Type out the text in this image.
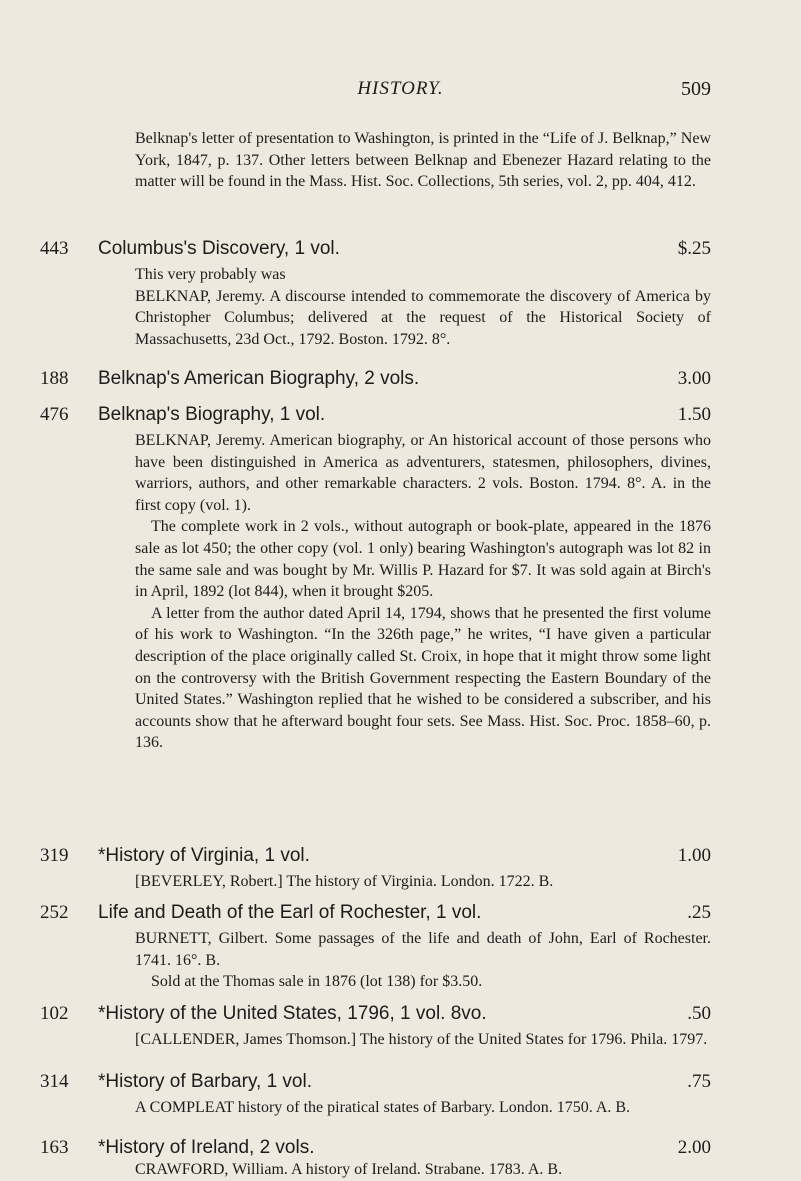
HISTORY.	509

Belknap's letter of presentation to Washington, is printed in the “Life of J. Belknap,” New York, 1847, p. 137. Other letters between Belknap and Ebenezer Hazard relating to the matter will be found in the Mass. Hist. Soc. Collections, 5th series, vol. 2, pp. 404, 412.

443 Columbus's Discovery, 1 vol.	$.25

This very probably was

BELKNAP, Jeremy. A discourse intended to commemorate the discovery of America by Christopher Columbus; delivered at the request of the Historical Society of Massachusetts, 23d Oct., 1792. Boston. 1792. 8°.

188 Belknap's American Biography, 2 vols.	3.00
476 Belknap's Biography, 1 vol.	1.50

BELKNAP, Jeremy. American biography, or An historical account of those persons who have been distinguished in America as adventurers, statesmen, philosophers, divines, warriors, authors, and other remarkable characters. 2 vols. Boston. 1794. 8°. A. in the first copy (vol. 1).

The complete work in 2 vols., without autograph or book-plate, appeared in the 1876 sale as lot 450; the other copy (vol. 1 only) bearing Washington's autograph was lot 82 in the same sale and was bought by Mr. Willis P. Hazard for $7. It was sold again at Birch's in April, 1892 (lot 844), when it brought $205.

A letter from the author dated April 14, 1794, shows that he presented the first volume of his work to Washington. “In the 326th page,” he writes, “I have given a particular description of the place originally called St. Croix, in hope that it might throw some light on the controversy with the British Government respecting the Eastern Boundary of the United States.” Washington replied that he wished to be considered a subscriber, and his accounts show that he afterward bought four sets. See Mass. Hist. Soc. Proc. 1858–60, p. 136.

319 *History of Virginia, 1 vol.	1.00

[BEVERLEY, Robert.] The history of Virginia. London. 1722. B.

252 Life and Death of the Earl of Rochester, 1 vol.	.25

BURNETT, Gilbert. Some passages of the life and death of John, Earl of Rochester. 1741. 16°. B.

Sold at the Thomas sale in 1876 (lot 138) for $3.50.

102 *History of the United States, 1796, 1 vol. 8vo.	.50

[CALLENDER, James Thomson.] The history of the United States for 1796. Phila. 1797.

314 *History of Barbary, 1 vol.	.75

A COMPLEAT history of the piratical states of Barbary. London. 1750. A. B.

163 *History of Ireland, 2 vols.	2.00

CRAWFORD, William. A history of Ireland. Strabane. 1783. A. B.
